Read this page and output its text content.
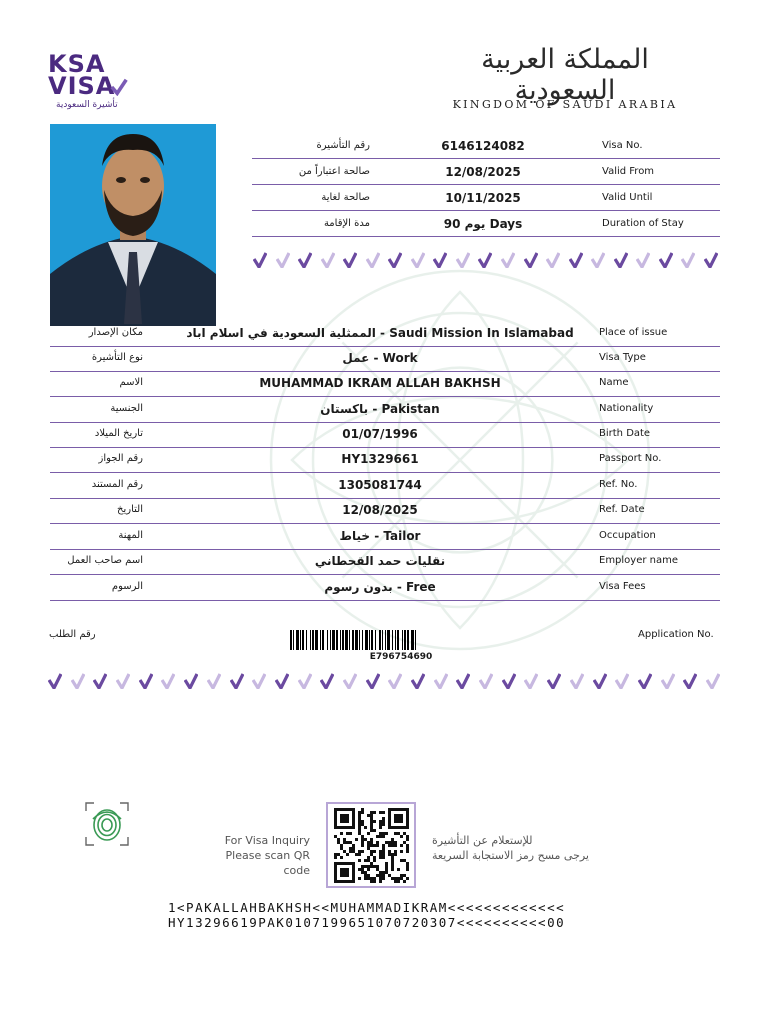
KSA
VISA
تأشيرة السعودية
المملكة العربية السعودية
KINGDOM OF SAUDI ARABIA
رقم التأشيرة	6146124082	Visa No.
صالحة اعتباراً من	12/08/2025	Valid From
صالحة لغاية	10/11/2025	Valid Until
مدة الإقامة	90 يوم Days	Duration of Stay
مكان الإصدار	الممثلية السعودية في اسلام اباد - Saudi Mission In Islamabad	Place of issue
نوع التأشيرة	عمل - Work	Visa Type
الاسم	MUHAMMAD IKRAM ALLAH BAKHSH	Name
الجنسية	باكستان - Pakistan	Nationality
تاريخ الميلاد	01/07/1996	Birth Date
رقم الجواز	HY1329661	Passport No.
رقم المستند	1305081744	Ref. No.
التاريخ	12/08/2025	Ref. Date
المهنة	خياط - Tailor	Occupation
اسم صاحب العمل	نقليات حمد القحطاني	Employer name
الرسوم	بدون رسوم - Free	Visa Fees
رقم الطلب	Application No.
E796754690
For Visa Inquiry
Please scan QR code
للإستعلام عن التأشيرة
يرجى مسح رمز الاستجابة السريعة
1<PAKALLAHBAKHSH<<MUHAMMADIKRAM<<<<<<<<<<<<<
HY13296619PAK0107199651070720307<<<<<<<<<<00
